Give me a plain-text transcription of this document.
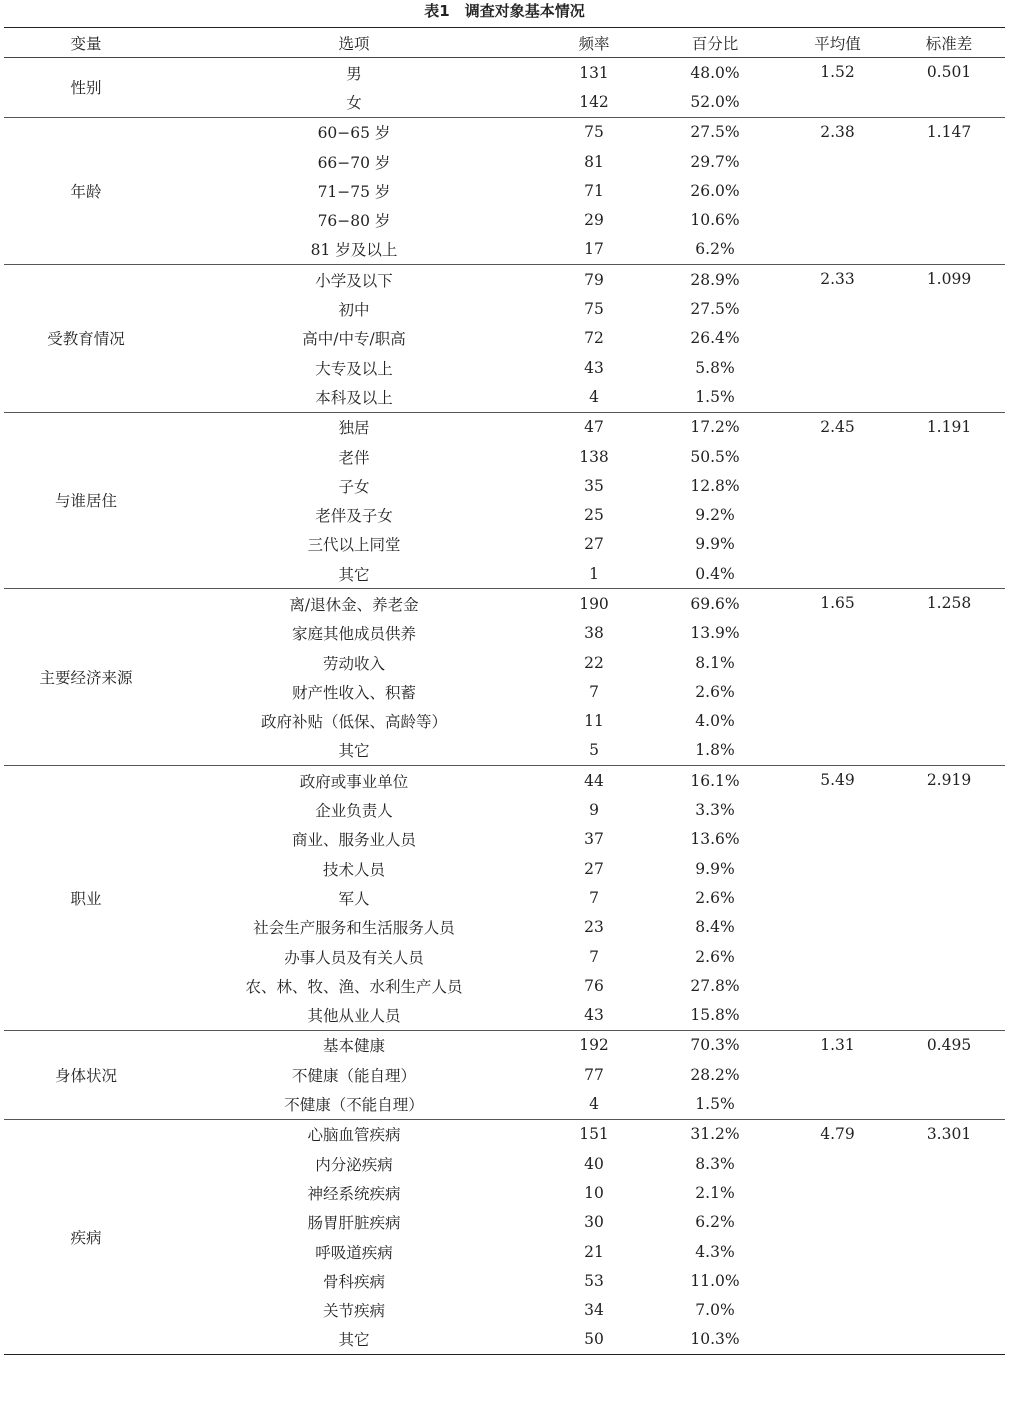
表1　调查对象基本情况
变量	选项	频率	百分比	平均值	标准差
性别	男	131	48.0%	1.52	0.501
	女	142	52.0%		
年龄	60−65 岁	75	27.5%	2.38	1.147
	66−70 岁	81	29.7%		
	71−75 岁	71	26.0%		
	76−80 岁	29	10.6%		
	81 岁及以上	17	6.2%		
受教育情况	小学及以下	79	28.9%	2.33	1.099
	初中	75	27.5%		
	高中/中专/职高	72	26.4%		
	大专及以上	43	5.8%		
	本科及以上	4	1.5%		
与谁居住	独居	47	17.2%	2.45	1.191
	老伴	138	50.5%		
	子女	35	12.8%		
	老伴及子女	25	9.2%		
	三代以上同堂	27	9.9%		
	其它	1	0.4%		
主要经济来源	离/退休金、养老金	190	69.6%	1.65	1.258
	家庭其他成员供养	38	13.9%		
	劳动收入	22	8.1%		
	财产性收入、积蓄	7	2.6%		
	政府补贴（低保、高龄等）	11	4.0%		
	其它	5	1.8%		
职业	政府或事业单位	44	16.1%	5.49	2.919
	企业负责人	9	3.3%		
	商业、服务业人员	37	13.6%		
	技术人员	27	9.9%		
	军人	7	2.6%		
	社会生产服务和生活服务人员	23	8.4%		
	办事人员及有关人员	7	2.6%		
	农、林、牧、渔、水利生产人员	76	27.8%		
	其他从业人员	43	15.8%		
身体状况	基本健康	192	70.3%	1.31	0.495
	不健康（能自理）	77	28.2%		
	不健康（不能自理）	4	1.5%		
疾病	心脑血管疾病	151	31.2%	4.79	3.301
	内分泌疾病	40	8.3%		
	神经系统疾病	10	2.1%		
	肠胃肝脏疾病	30	6.2%		
	呼吸道疾病	21	4.3%		
	骨科疾病	53	11.0%		
	关节疾病	34	7.0%		
	其它	50	10.3%		
